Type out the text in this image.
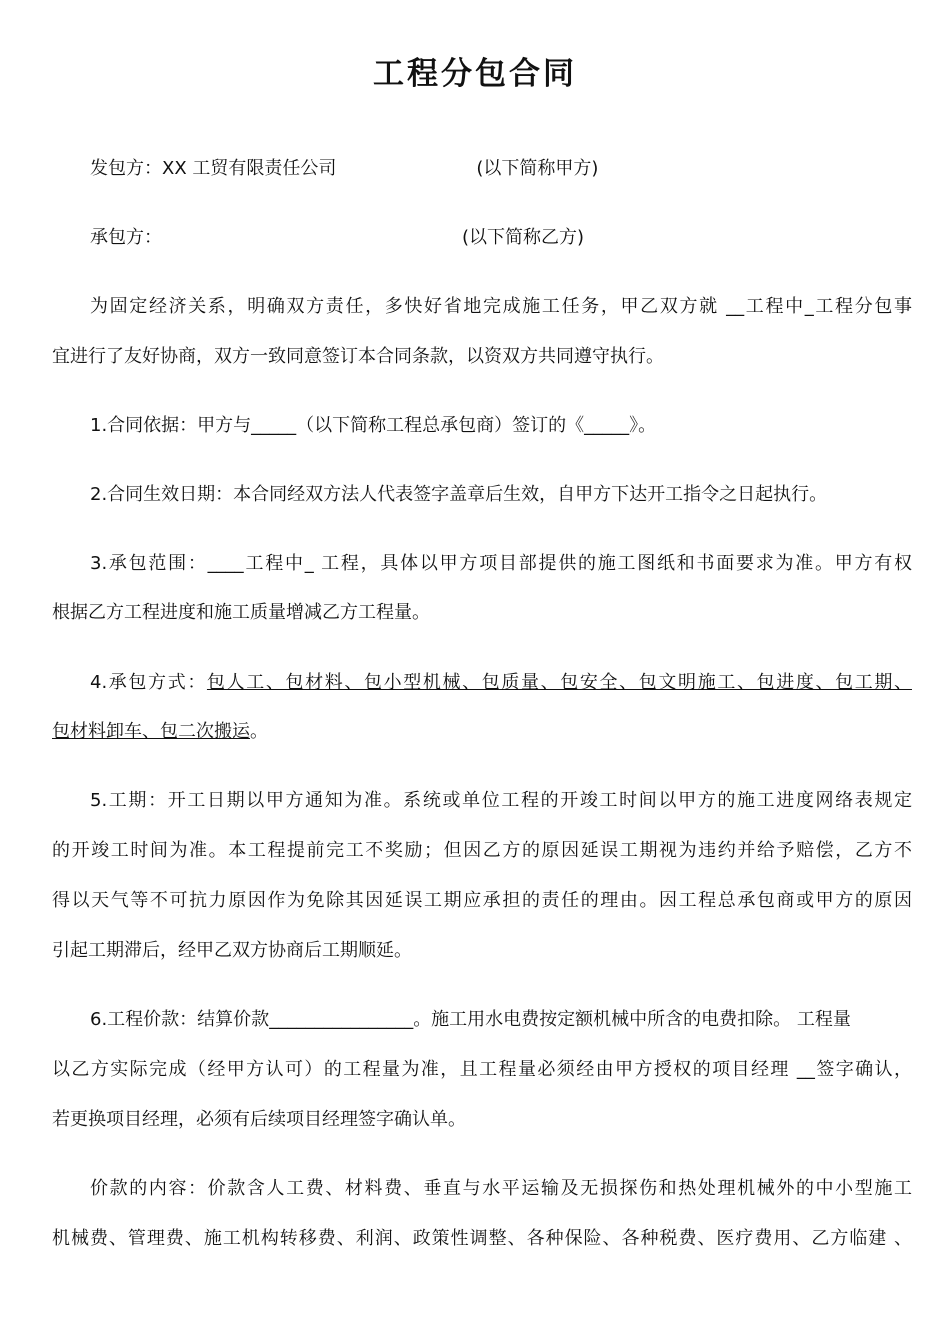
工程分包合同
发包方：XX 工贸有限责任公司	(以下简称甲方)
承包方：	(以下简称乙方)
为固定经济关系，明确双方责任，多快好省地完成施工任务，甲乙双方就 __工程中_工程分包事
宜进行了友好协商，双方一致同意签订本合同条款，以资双方共同遵守执行。
1.合同依据：甲方与_____（以下简称工程总承包商）签订的《_____》。
2.合同生效日期：本合同经双方法人代表签字盖章后生效，自甲方下达开工指令之日起执行。
3.承包范围：____工程中_ 工程，具体以甲方项目部提供的施工图纸和书面要求为准。甲方有权
根据乙方工程进度和施工质量增减乙方工程量。
4.承包方式：包人工、包材料、包小型机械、包质量、包安全、包文明施工、包进度、包工期、
包材料卸车、包二次搬运。
5.工期：开工日期以甲方通知为准。系统或单位工程的开竣工时间以甲方的施工进度网络表规定
的开竣工时间为准。本工程提前完工不奖励；但因乙方的原因延误工期视为违约并给予赔偿，乙方不
得以天气等不可抗力原因作为免除其因延误工期应承担的责任的理由。因工程总承包商或甲方的原因
引起工期滞后，经甲乙双方协商后工期顺延。
6.工程价款：结算价款________________。施工用水电费按定额机械中所含的电费扣除。 工程量
以乙方实际完成（经甲方认可）的工程量为准，且工程量必须经由甲方授权的项目经理 __签字确认，
若更换项目经理，必须有后续项目经理签字确认单。
价款的内容：价款含人工费、材料费、垂直与水平运输及无损探伤和热处理机械外的中小型施工
机械费、管理费、施工机构转移费、利润、政策性调整、各种保险、各种税费、医疗费用、乙方临建 、
